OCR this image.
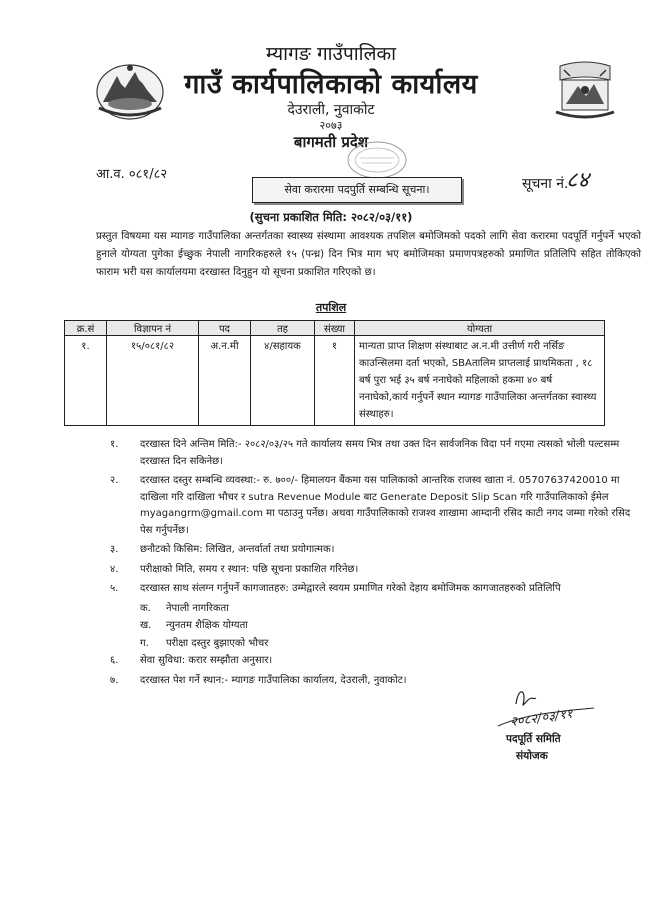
म्यागङ गाउँपालिका
गाउँ कार्यपालिकाको कार्यालय
देउराली, नुवाकोट
२०७३
बागमती प्रदेश
आ.व. ०८१/८२
सूचना नं.
८४
सेवा करारमा पदपुर्ति सम्बन्धि सूचना।
(सुचना प्रकाशित मिति: २०८२/०३/११)
प्रस्तुत विषयमा यस म्यागङ गाउँपालिका अन्तर्गतका स्वास्थ्य संस्थामा आवश्यक तपशिल बमोजिमको पदको लागि सेवा करारमा पदपूर्ति गर्नुपर्ने भएको हुनाले योग्यता पुगेका ईच्छुक नेपाली नागरिकहरुले १५ (पन्ध्र) दिन भित्र माग भए बमोजिमका प्रमाणपत्रहरुको प्रमाणित प्रतिलिपि सहित तोकिएको फाराम भरी यस कार्यालयमा दरखास्त दिनुहुन यो सूचना प्रकाशित गरिएको छ।
तपशिल
क्र.सं	विज्ञापन नं	पद	तह	संख्या	योग्यता
१.	१५/०८१/८२	अ.न.मी	४/सहायक	१	मान्यता प्राप्त शिक्षण संस्थाबाट अ.न.मी उत्तीर्ण गरी नर्सिङ काउन्सिलमा दर्ता भएको, SBAतालिम प्राप्तलाई प्राथमिकता , १८ बर्ष पुरा भई ३५ बर्ष ननाघेको महिलाको हकमा ४० बर्ष ननाघेको,कार्य गर्नुपर्ने स्थान म्यागङ गाउँपालिका अन्तर्गतका स्वास्थ्य संस्थाहरु।
१. दरखास्त दिने अन्तिम मिति:- २०८२/०३/२५ गते कार्यालय समय भित्र तथा उक्त दिन सार्वजनिक विदा पर्न गएमा त्यसको भोली पल्टसम्म दरखास्त दिन सकिनेछ।
२. दरखास्त दस्तुर सम्बन्धि व्यवस्था:- रु. ७००/- हिमालयन बैंकमा यस पालिकाको आन्तरिक राजस्व खाता नं. 05707637420010 मा दाखिला गरि दाखिला भौचर र sutra Revenue Module बाट Generate Deposit Slip Scan गरि गाउँपालिकाको ईमेल myagangrm@gmail.com मा पठाउनु पर्नेछ। अथवा गाउँपालिकाको राजश्व शाखामा आम्दानी रसिद काटी नगद जम्मा गरेको रसिद पेस गर्नुपर्नेछ।
३. छनौटको किसिम: लिखित, अन्तर्वार्ता तथा प्रयोगात्मक।
४. परीक्षाको मिति, समय र स्थान: पछि सूचना प्रकाशित गरिनेछ।
५. दरखास्त साथ संलग्न गर्नुपर्ने कागजातहरु: उम्मेद्वारले स्वयम प्रमाणित गरेको देहाय बमोजिमक कागजातहरुको प्रतिलिपि
क. नेपाली नागरिकता
ख. न्युनतम शैक्षिक योग्यता
ग. परीक्षा दस्तुर बुझाएको भौचर
६. सेवा सुविधा: करार सम्झौता अनुसार।
७. दरखास्त पेश गर्ने स्थान:- म्यागङ गाउँपालिका कार्यालय, देउराली, नुवाकोट।
२०८२/०३/११
पदपूर्ति समिति
संयोजक
